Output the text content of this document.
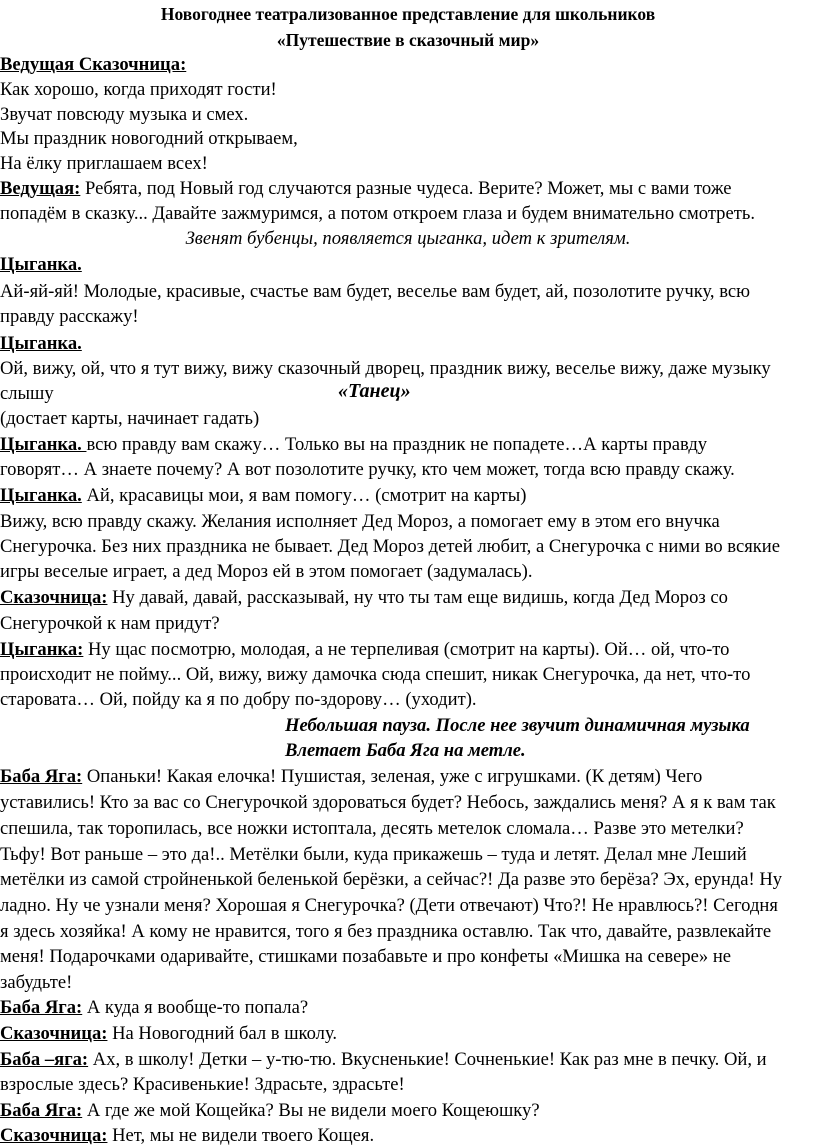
Новогоднее театрализованное представление для школьников
«Путешествие в сказочный мир»
Ведущая Сказочница:
Как хорошо, когда приходят гости!
Звучат повсюду музыка и смех.
Мы праздник новогодний открываем,
На ёлку приглашаем всех!
Ведущая: Ребята, под Новый год случаются разные чудеса. Верите? Может, мы с вами тоже
попадём в сказку... Давайте зажмуримся, а потом откроем глаза и будем внимательно смотреть.
Звенят бубенцы, появляется цыганка, идет к зрителям.
Цыганка.
Ай-яй-яй! Молодые, красивые, счастье вам будет, веселье вам будет, ай, позолотите ручку, всю
правду расскажу!
Цыганка.
Ой, вижу, ой, что я тут вижу, вижу сказочный дворец, праздник вижу, веселье вижу, даже музыку
слышу	«Танец»
(достает карты, начинает гадать)
Цыганка. всю правду вам скажу… Только вы на праздник не попадете…А карты правду
говорят… А знаете почему? А вот позолотите ручку, кто чем может, тогда всю правду скажу.
Цыганка. Ай, красавицы мои, я вам помогу… (смотрит на карты)
Вижу, всю правду скажу. Желания исполняет Дед Мороз, а помогает ему в этом его внучка
Снегурочка. Без них праздника не бывает. Дед Мороз детей любит, а Снегурочка с ними во всякие
игры веселые играет, а дед Мороз ей в этом помогает (задумалась).
Сказочница: Ну давай, давай, рассказывай, ну что ты там еще видишь, когда Дед Мороз со
Снегурочкой к нам придут?
Цыганка: Ну щас посмотрю, молодая, а не терпеливая (смотрит на карты). Ой… ой, что-то
происходит не пойму... Ой, вижу, вижу дамочка сюда спешит, никак Снегурочка, да нет, что-то
старовата… Ой, пойду ка я по добру по-здорову… (уходит).
Небольшая пауза. После нее звучит динамичная музыка
Влетает Баба Яга на метле.
Баба Яга: Опаньки! Какая елочка! Пушистая, зеленая, уже с игрушками. (К детям) Чего
уставились! Кто за вас со Снегурочкой здороваться будет? Небось, заждались меня? А я к вам так
спешила, так торопилась, все ножки истоптала, десять метелок сломала… Разве это метелки?
Тьфу! Вот раньше – это да!.. Метёлки были, куда прикажешь – туда и летят. Делал мне Леший
метёлки из самой стройненькой беленькой берёзки, а сейчас?! Да разве это берёза? Эх, ерунда! Ну
ладно. Ну че узнали меня? Хорошая я Снегурочка? (Дети отвечают) Что?! Не нравлюсь?! Сегодня
я здесь хозяйка! А кому не нравится, того я без праздника оставлю. Так что, давайте, развлекайте
меня! Подарочками одаривайте, стишками позабавьте и про конфеты «Мишка на севере» не
забудьте!
Баба Яга: А куда я вообще-то попала?
Сказочница: На Новогодний бал в школу.
Баба –яга: Ах, в школу! Детки – у-тю-тю. Вкусненькие! Сочненькие! Как раз мне в печку. Ой, и
взрослые здесь? Красивенькие! Здрасьте, здрасьте!
Баба Яга: А где же мой Кощейка? Вы не видели моего Кощеюшку?
Сказочница: Нет, мы не видели твоего Кощея.
